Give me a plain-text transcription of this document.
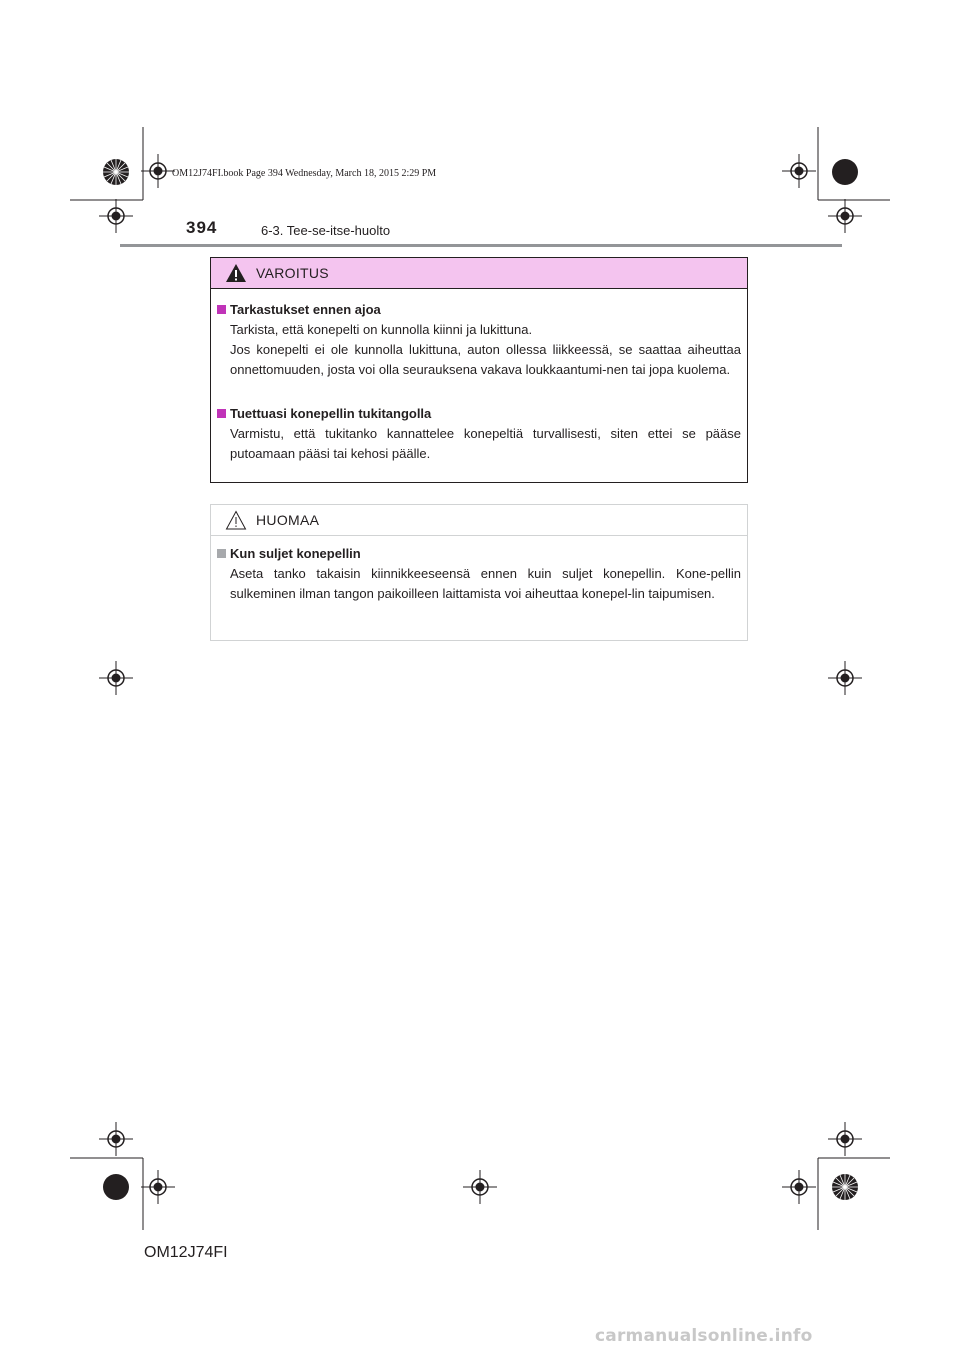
OM12J74FI.book Page 394 Wednesday, March 18, 2015 2:29 PM
394	6-3. Tee-se-itse-huolto
VAROITUS
Tarkastukset ennen ajoa

Tarkista, että konepelti on kunnolla kiinni ja lukittuna.

Jos konepelti ei ole kunnolla lukittuna, auton ollessa liikkeessä, se saattaa aiheuttaa onnettomuuden, josta voi olla seurauksena vakava loukkaantumi-nen tai jopa kuolema.

Tuettuasi konepellin tukitangolla

Varmistu, että tukitanko kannattelee konepeltiä turvallisesti, siten ettei se pääse putoamaan pääsi tai kehosi päälle.

HUOMAA
Kun suljet konepellin

Aseta tanko takaisin kiinnikkeeseensä ennen kuin suljet konepellin. Kone-pellin sulkeminen ilman tangon paikoilleen laittamista voi aiheuttaa konepel-lin taipumisen.

OM12J74FI
carmanualsonline.info
